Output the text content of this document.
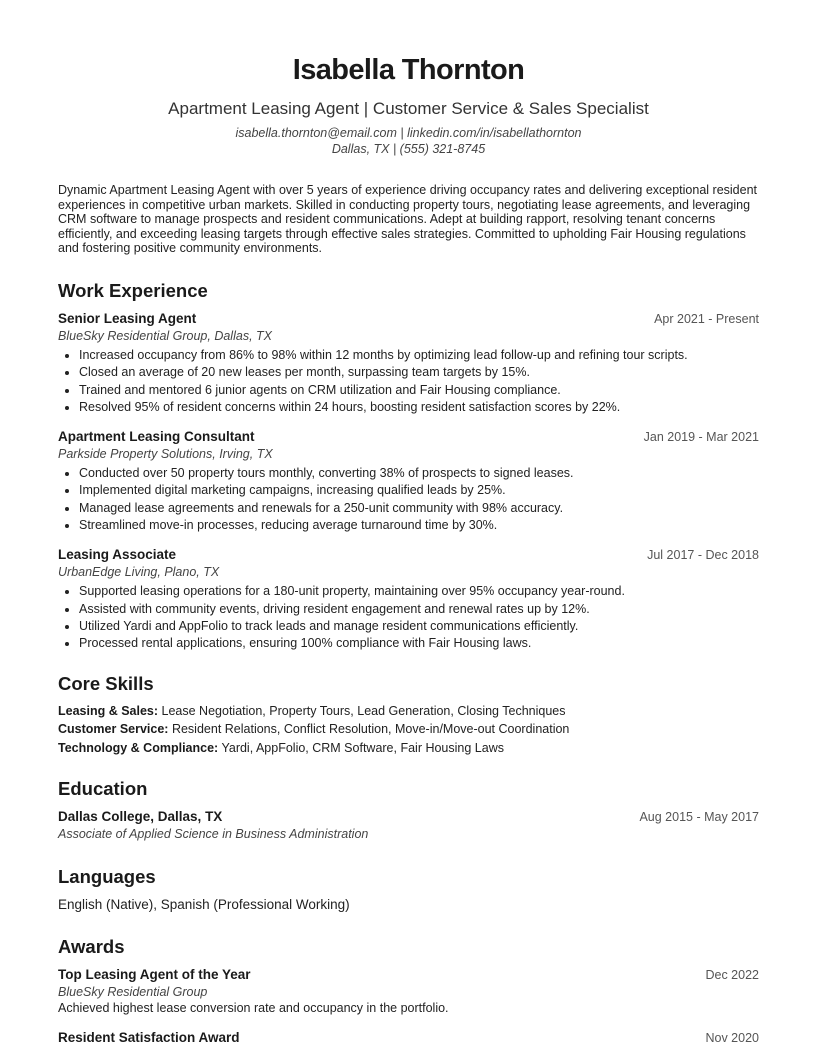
Isabella Thornton
Apartment Leasing Agent | Customer Service & Sales Specialist
isabella.thornton@email.com | linkedin.com/in/isabellathornton
Dallas, TX | (555) 321-8745

Dynamic Apartment Leasing Agent with over 5 years of experience driving occupancy rates and delivering exceptional resident experiences in competitive urban markets. Skilled in conducting property tours, negotiating lease agreements, and leveraging CRM software to manage prospects and resident communications. Adept at building rapport, resolving tenant concerns efficiently, and exceeding leasing targets through effective sales strategies. Committed to upholding Fair Housing regulations and fostering positive community environments.

Work Experience
Senior Leasing Agent	Apr 2021 - Present
BlueSky Residential Group, Dallas, TX
Increased occupancy from 86% to 98% within 12 months by optimizing lead follow-up and refining tour scripts.
Closed an average of 20 new leases per month, surpassing team targets by 15%.
Trained and mentored 6 junior agents on CRM utilization and Fair Housing compliance.
Resolved 95% of resident concerns within 24 hours, boosting resident satisfaction scores by 22%.
Apartment Leasing Consultant	Jan 2019 - Mar 2021
Parkside Property Solutions, Irving, TX
Conducted over 50 property tours monthly, converting 38% of prospects to signed leases.
Implemented digital marketing campaigns, increasing qualified leads by 25%.
Managed lease agreements and renewals for a 250-unit community with 98% accuracy.
Streamlined move-in processes, reducing average turnaround time by 30%.
Leasing Associate	Jul 2017 - Dec 2018
UrbanEdge Living, Plano, TX
Supported leasing operations for a 180-unit property, maintaining over 95% occupancy year-round.
Assisted with community events, driving resident engagement and renewal rates up by 12%.
Utilized Yardi and AppFolio to track leads and manage resident communications efficiently.
Processed rental applications, ensuring 100% compliance with Fair Housing laws.
Core Skills
Leasing & Sales: Lease Negotiation, Property Tours, Lead Generation, Closing Techniques
Customer Service: Resident Relations, Conflict Resolution, Move-in/Move-out Coordination
Technology & Compliance: Yardi, AppFolio, CRM Software, Fair Housing Laws
Education
Dallas College, Dallas, TX	Aug 2015 - May 2017
Associate of Applied Science in Business Administration
Languages
English (Native), Spanish (Professional Working)
Awards
Top Leasing Agent of the Year	Dec 2022
BlueSky Residential Group
Achieved highest lease conversion rate and occupancy in the portfolio.
Resident Satisfaction Award	Nov 2020
